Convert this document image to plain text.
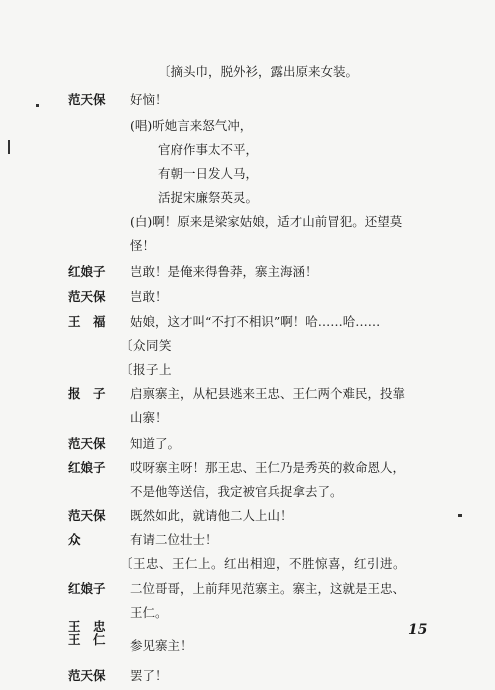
〔摘头巾，脱外衫，露出原来女装。
范天保	好恼！
(唱)听她言来怒气冲，
官府作事太不平，
有朝一日发人马，
活捉宋廉祭英灵。
(白)啊！原来是梁家姑娘，适才山前冒犯。还望莫
怪！
红娘子	岂敢！是俺来得鲁莽，寨主海涵！
范天保	岂敢！
王　福	姑娘，这才叫“不打不相识”啊！哈……哈……
〔众同笑
〔报子上
报　子	启禀寨主，从杞县逃来王忠、王仁两个难民，投靠
山寨！
范天保	知道了。
红娘子	哎呀寨主呀！那王忠、王仁乃是秀英的救命恩人，
不是他等送信，我定被官兵捉拿去了。
范天保	既然如此，就请他二人上山！
众	有请二位壮士！
〔王忠、王仁上。红出相迎，不胜惊喜，红引进。
红娘子	二位哥哥，上前拜见范寨主。寨主，这就是王忠、
王仁。
王　忠
王　仁	参见寨主！
范天保	罢了！
15
